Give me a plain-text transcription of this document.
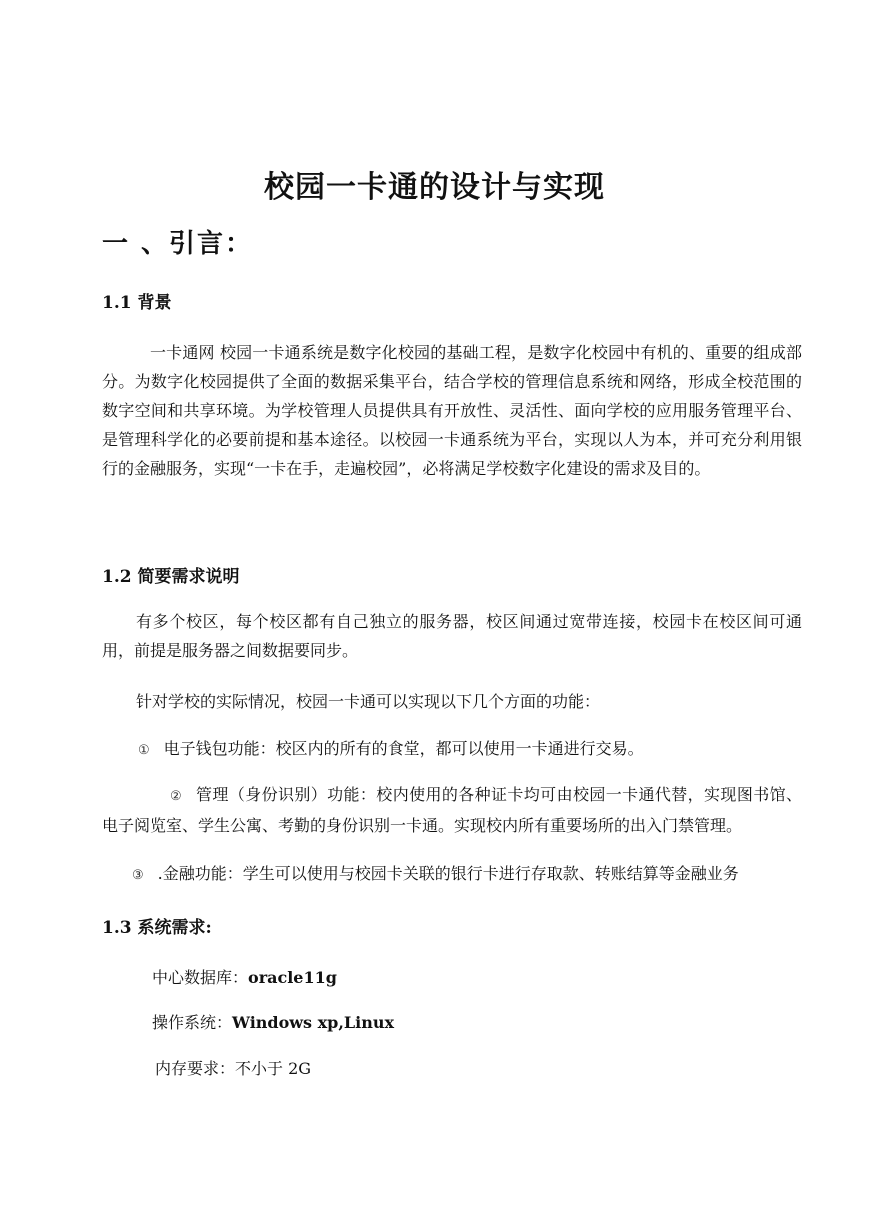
校园一卡通的设计与实现
一 、引言：
1.1 背景
一卡通网 校园一卡通系统是数字化校园的基础工程，是数字化校园中有机的、重要的组成部分。为数字化校园提供了全面的数据采集平台，结合学校的管理信息系统和网络，形成全校范围的数字空间和共享环境。为学校管理人员提供具有开放性、灵活性、面向学校的应用服务管理平台、是管理科学化的必要前提和基本途径。以校园一卡通系统为平台，实现以人为本，并可充分利用银行的金融服务，实现“一卡在手，走遍校园”，必将满足学校数字化建设的需求及目的。
1.2 简要需求说明
有多个校区，每个校区都有自己独立的服务器，校区间通过宽带连接，校园卡在校区间可通用，前提是服务器之间数据要同步。
针对学校的实际情况，校园一卡通可以实现以下几个方面的功能：
① 电子钱包功能：校区内的所有的食堂，都可以使用一卡通进行交易。
② 管理（身份识别）功能：校内使用的各种证卡均可由校园一卡通代替，实现图书馆、电子阅览室、学生公寓、考勤的身份识别一卡通。实现校内所有重要场所的出入门禁管理。
③ .金融功能：学生可以使用与校园卡关联的银行卡进行存取款、转账结算等金融业务
1.3 系统需求:
中心数据库：oracle11g
操作系统：Windows xp,Linux
内存要求：不小于 2G
